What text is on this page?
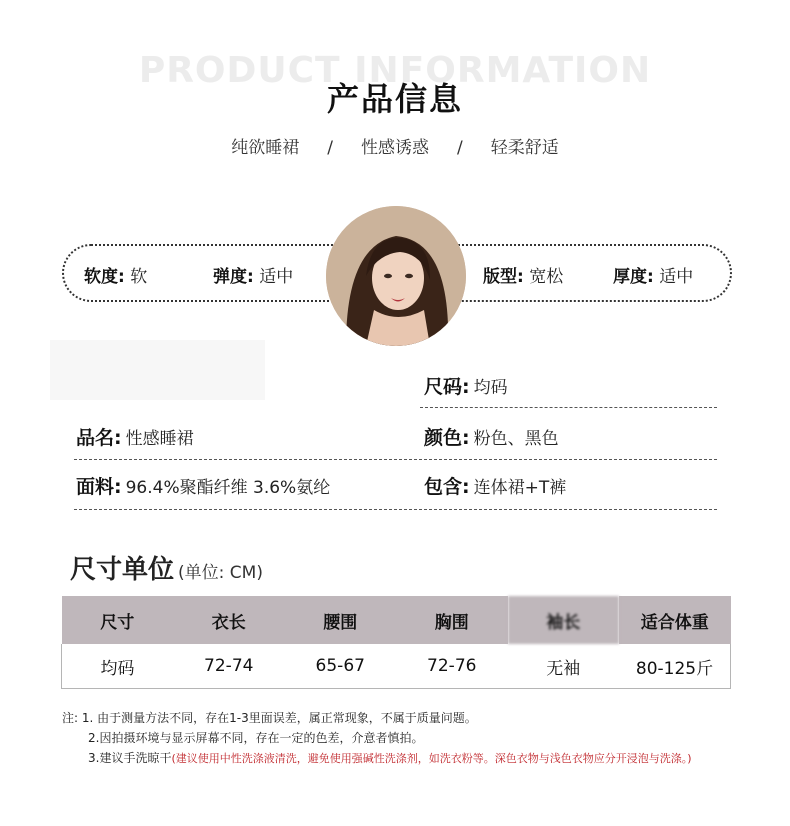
PRODUCT INFORMATION
产品信息
纯欲睡裙 / 性感诱惑 / 轻柔舒适
软度: 软	弹度: 适中	版型: 宽松	厚度: 适中
尺码: 均码
品名: 性感睡裙	颜色: 粉色、黑色
面料: 96.4%聚酯纤维 3.6%氨纶	包含: 连体裙+T裤
尺寸单位 (单位: CM)
尺寸	衣长	腰围	胸围	袖长	适合体重
均码	72-74	65-67	72-76	无袖	80-125斤
注: 1. 由于测量方法不同，存在1-3里面误差，属正常现象，不属于质量问题。
2.因拍摄环境与显示屏幕不同，存在一定的色差，介意者慎拍。
3.建议手洗晾干(建议使用中性洗涤液清洗，避免使用强碱性洗涤剂，如洗衣粉等。深色衣物与浅色衣物应分开浸泡与洗涤。)
